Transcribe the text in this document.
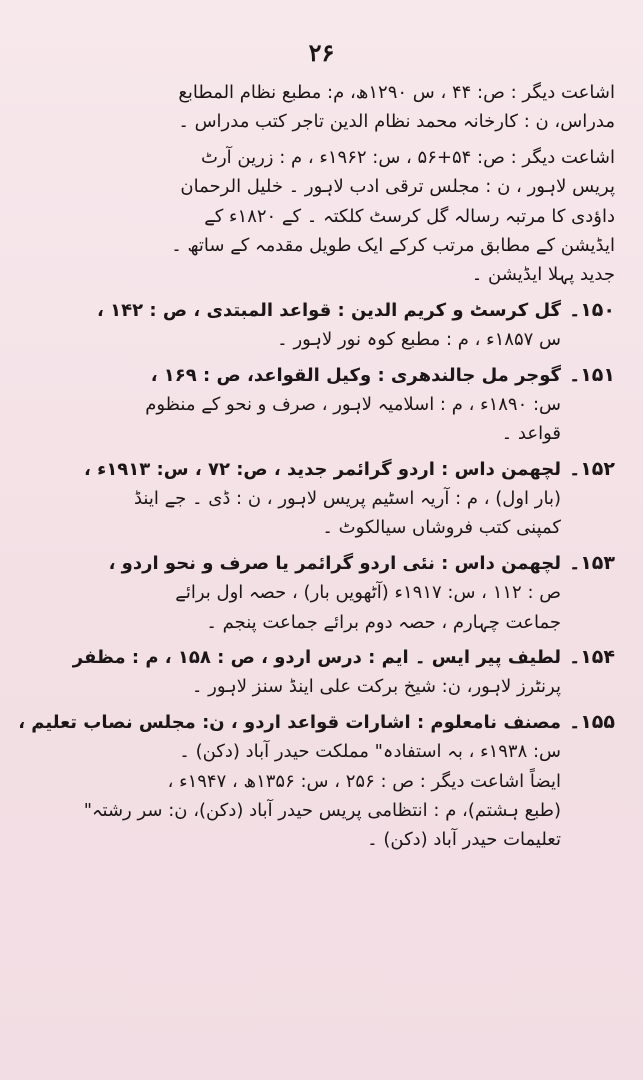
۲۶
اشاعت دیگر : ص: ۴۴ ، س ۱۲۹۰ھ، م: مطبع نظام المطابع
مدراس، ن : کارخانہ محمد نظام الدین تاجر کتب مدراس ۔
اشاعت دیگر : ص: ۵۴+۵۶ ، س: ۱۹۶۲ء ، م : زرین آرٹ
پریس لاہور ، ن : مجلس ترقی ادب لاہور ۔ خلیل الرحمان
داؤدی کا مرتبہ رسالہ گل کرسٹ کلکتہ ۔ کے ۱۸۲۰ء کے
ایڈیشن کے مطابق مرتب کرکے ایک طویل مقدمہ کے ساتھ ۔
جدید پہلا ایڈیشن ۔
۱۵۰۔
گل کرسٹ و کریم الدین : قواعد المبتدی ، ص : ۱۴۲ ،
س ۱۸۵۷ء ، م : مطبع کوہ نور لاہور ۔
۱۵۱۔
گوجر مل جالندھری : وکیل القواعد، ص : ۱۶۹ ،
س: ۱۸۹۰ء ، م : اسلامیہ لاہور ، صرف و نحو کے منظوم
قواعد ۔
۱۵۲۔
لچھمن داس : اردو گرائمر جدید ، ص: ۷۲ ، س: ۱۹۱۳ء ،
(بار اول) ، م : آریہ اسٹیم پریس لاہور ، ن : ڈی ۔ جے اینڈ
کمپنی کتب فروشاں سیالکوٹ ۔
۱۵۳۔
لچھمن داس : نئی اردو گرائمر یا صرف و نحو اردو ،
ص : ۱۱۲ ، س: ۱۹۱۷ء (آٹھویں بار) ، حصہ اول برائے
جماعت چہارم ، حصہ دوم برائے جماعت پنجم ۔
۱۵۴۔
لطیف پیر ایس ۔ ایم : درس اردو ، ص : ۱۵۸ ، م : مظفر
پرنٹرز لاہور، ن: شیخ برکت علی اینڈ سنز لاہور ۔
۱۵۵۔
مصنف نامعلوم : اشارات قواعد اردو ، ن: مجلس نصاب تعلیم ،
س: ۱۹۳۸ء ، بہ استفادہ" مملکت حیدر آباد (دکن) ۔
ایضاً اشاعت دیگر : ص : ۲۵۶ ، س: ۱۳۵۶ھ ، ۱۹۴۷ء ،
(طبع ہشتم)، م : انتظامی پریس حیدر آباد (دکن)، ن: سر رشتہ"
تعلیمات حیدر آباد (دکن) ۔
